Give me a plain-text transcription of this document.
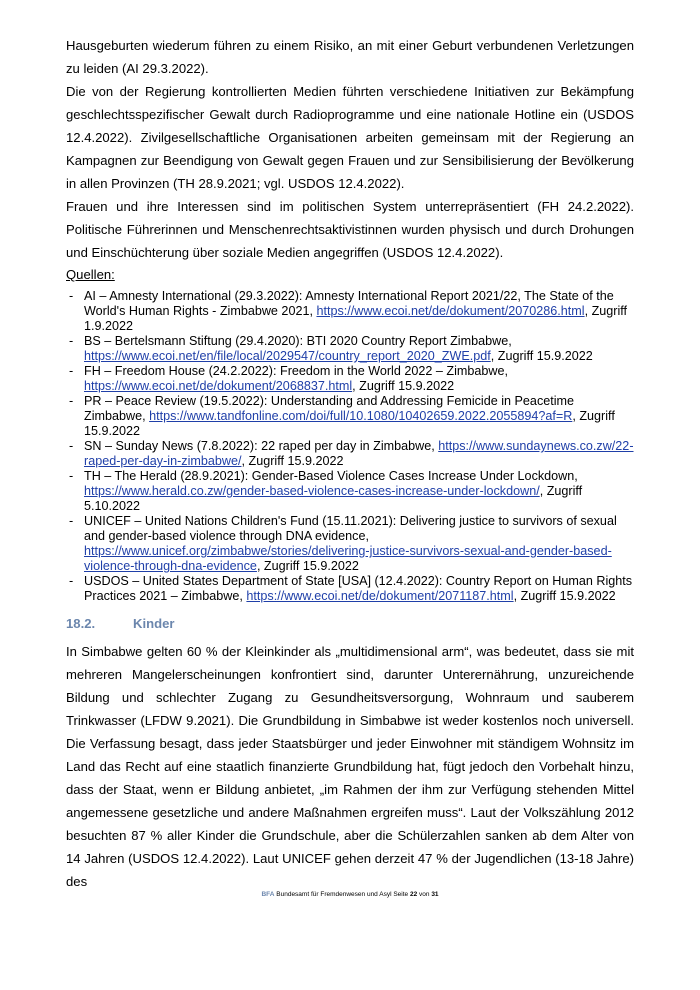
Hausgeburten wiederum führen zu einem Risiko, an mit einer Geburt verbundenen Verletzungen zu leiden (AI 29.3.2022).

Die von der Regierung kontrollierten Medien führten verschiedene Initiativen zur Bekämpfung geschlechtsspezifischer Gewalt durch Radioprogramme und eine nationale Hotline ein (USDOS 12.4.2022). Zivilgesellschaftliche Organisationen arbeiten gemeinsam mit der Regierung an Kampagnen zur Beendigung von Gewalt gegen Frauen und zur Sensibilisierung der Bevölkerung in allen Provinzen (TH 28.9.2021; vgl. USDOS 12.4.2022).

Frauen und ihre Interessen sind im politischen System unterrepräsentiert (FH 24.2.2022). Politische Führerinnen und Menschenrechtsaktivistinnen wurden physisch und durch Drohungen und Einschüchterung über soziale Medien angegriffen (USDOS 12.4.2022).

Quellen:
- AI – Amnesty International (29.3.2022): Amnesty International Report 2021/22, The State of the World's Human Rights - Zimbabwe 2021, https://www.ecoi.net/de/dokument/2070286.html, Zugriff 1.9.2022
- BS – Bertelsmann Stiftung (29.4.2020): BTI 2020 Country Report Zimbabwe, https://www.ecoi.net/en/file/local/2029547/country_report_2020_ZWE.pdf, Zugriff 15.9.2022
- FH – Freedom House (24.2.2022): Freedom in the World 2022 – Zimbabwe, https://www.ecoi.net/de/dokument/2068837.html, Zugriff 15.9.2022
- PR – Peace Review (19.5.2022): Understanding and Addressing Femicide in Peacetime Zimbabwe, https://www.tandfonline.com/doi/full/10.1080/10402659.2022.2055894?af=R, Zugriff 15.9.2022
- SN – Sunday News (7.8.2022): 22 raped per day in Zimbabwe, https://www.sundaynews.co.zw/22-raped-per-day-in-zimbabwe/, Zugriff 15.9.2022
- TH – The Herald (28.9.2021): Gender-Based Violence Cases Increase Under Lockdown, https://www.herald.co.zw/gender-based-violence-cases-increase-under-lockdown/, Zugriff 5.10.2022
- UNICEF – United Nations Children's Fund (15.11.2021): Delivering justice to survivors of sexual and gender-based violence through DNA evidence, https://www.unicef.org/zimbabwe/stories/delivering-justice-survivors-sexual-and-gender-based-violence-through-dna-evidence, Zugriff 15.9.2022
- USDOS – United States Department of State [USA] (12.4.2022): Country Report on Human Rights Practices 2021 – Zimbabwe, https://www.ecoi.net/de/dokument/2071187.html, Zugriff 15.9.2022
18.2.	Kinder

In Simbabwe gelten 60 % der Kleinkinder als „multidimensional arm“, was bedeutet, dass sie mit mehreren Mangelerscheinungen konfrontiert sind, darunter Unterernährung, unzureichende Bildung und schlechter Zugang zu Gesundheitsversorgung, Wohnraum und sauberem Trinkwasser (LFDW 9.2021). Die Grundbildung in Simbabwe ist weder kostenlos noch universell. Die Verfassung besagt, dass jeder Staatsbürger und jeder Einwohner mit ständigem Wohnsitz im Land das Recht auf eine staatlich finanzierte Grundbildung hat, fügt jedoch den Vorbehalt hinzu, dass der Staat, wenn er Bildung anbietet, „im Rahmen der ihm zur Verfügung stehenden Mittel angemessene gesetzliche und andere Maßnahmen ergreifen muss“. Laut der Volkszählung 2012 besuchten 87 % aller Kinder die Grundschule, aber die Schülerzahlen sanken ab dem Alter von 14 Jahren (USDOS 12.4.2022). Laut UNICEF gehen derzeit 47 % der Jugendlichen (13-18 Jahre) des

BFA Bundesamt für Fremdenwesen und Asyl Seite 22 von 31
